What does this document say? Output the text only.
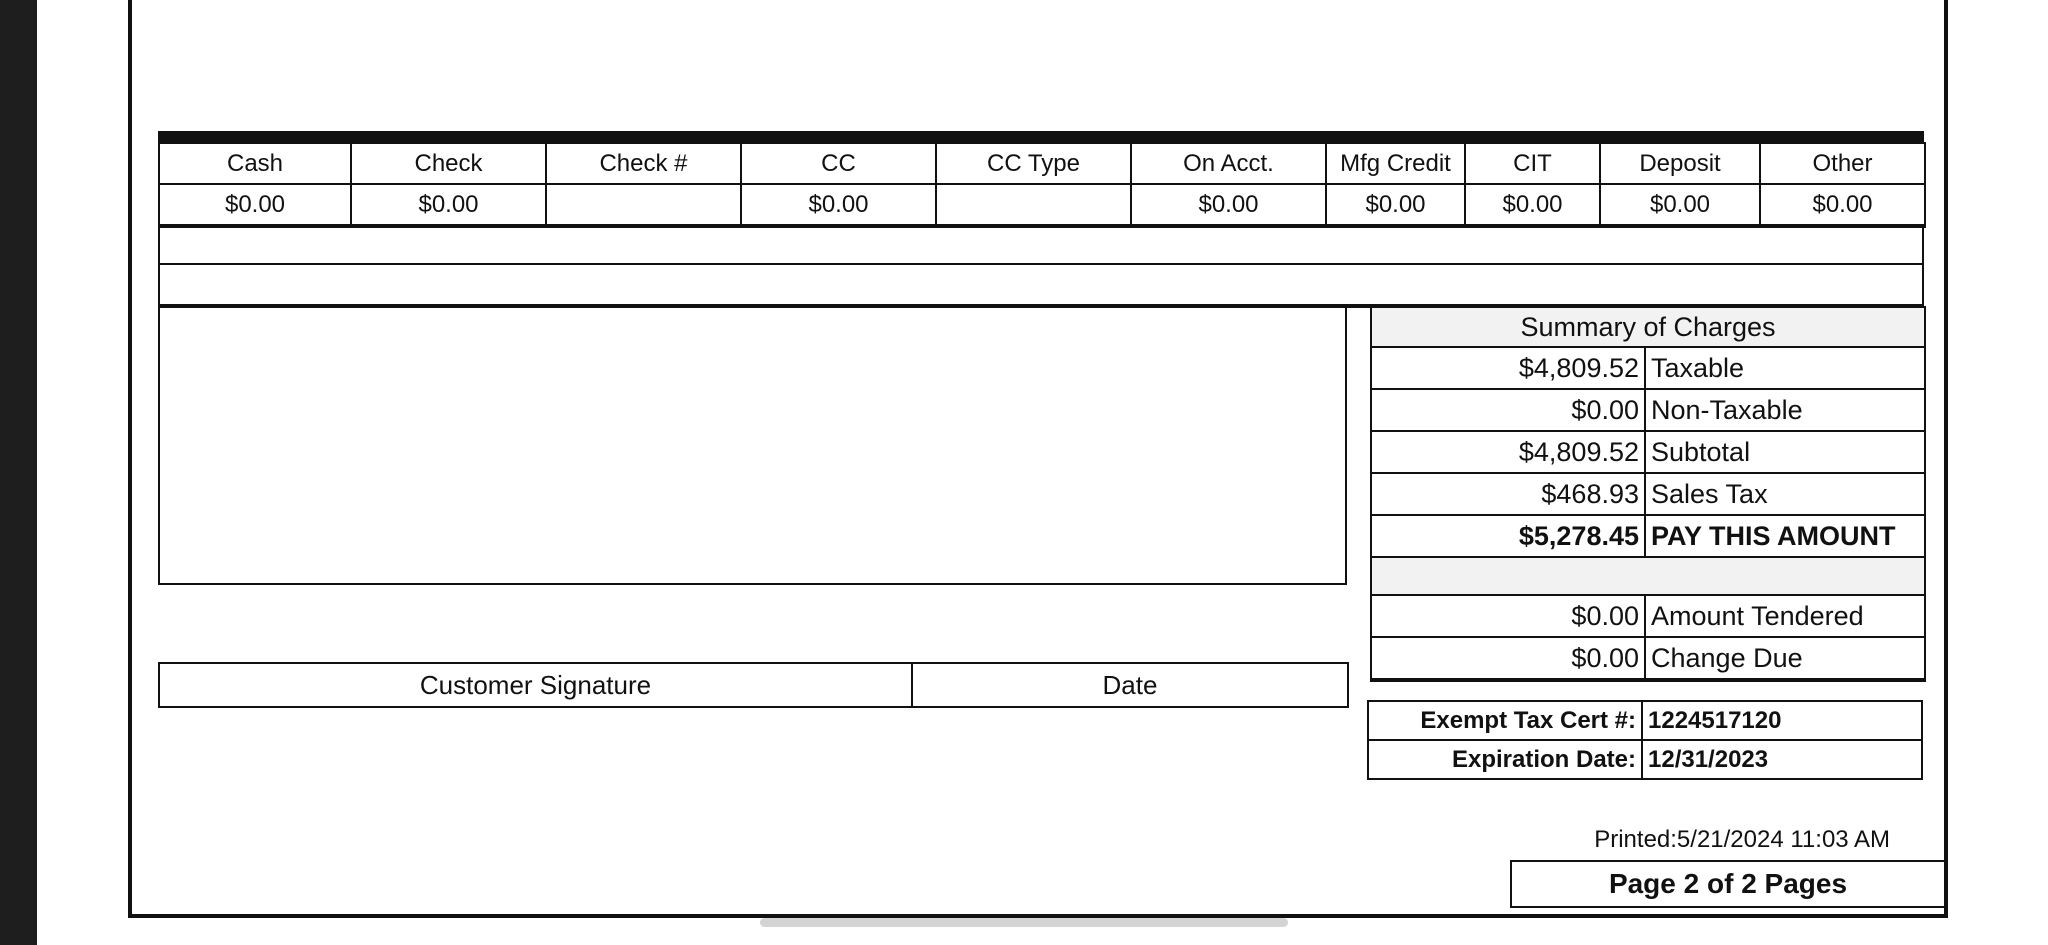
Cash	Check	Check #	CC	CC Type	On Acct.	Mfg Credit	CIT	Deposit	Other
$0.00	$0.00		$0.00		$0.00	$0.00	$0.00	$0.00	$0.00
Summary of Charges	
$4,809.52	Taxable
$0.00	Non-Taxable
$4,809.52	Subtotal
$468.93	Sales Tax
$5,278.45	PAY THIS AMOUNT

$0.00	Amount Tendered
$0.00	Change Due
Exempt Tax Cert #:	1224517120
Expiration Date:	12/31/2023
Customer Signature	Date
Printed:5/21/2024 11:03 AM
Page 2 of 2 Pages
